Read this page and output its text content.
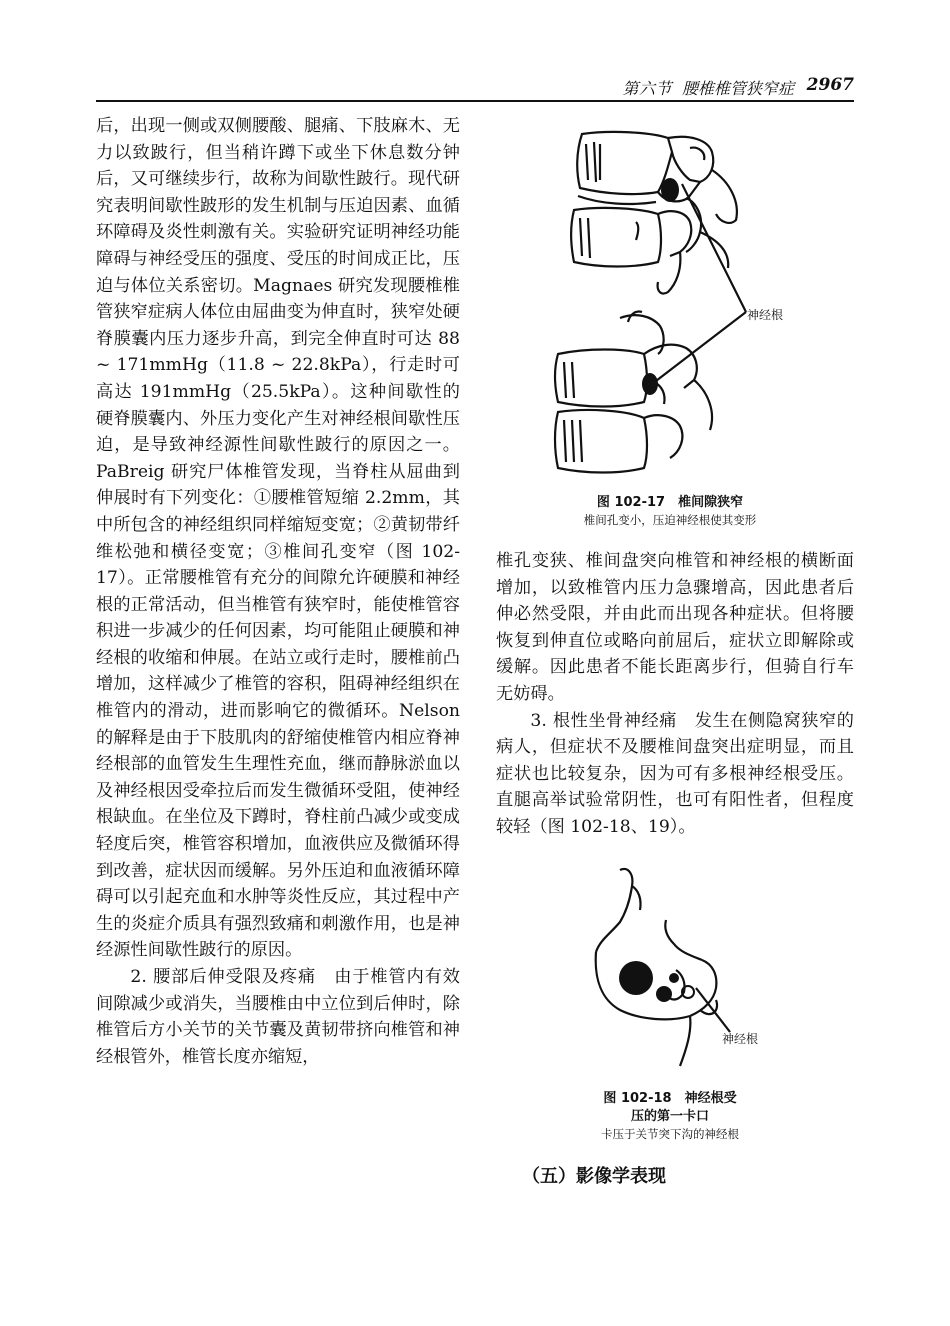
第六节 腰椎椎管狭窄症 2967

后，出现一侧或双侧腰酸、腿痛、下肢麻木、无力以致跛行，但当稍许蹲下或坐下休息数分钟后，又可继续步行，故称为间歇性跛行。现代研究表明间歇性跛形的发生机制与压迫因素、血循环障碍及炎性刺激有关。实验研究证明神经功能障碍与神经受压的强度、受压的时间成正比，压迫与体位关系密切。Magnaes 研究发现腰椎椎管狭窄症病人体位由屈曲变为伸直时，狭窄处硬脊膜囊内压力逐步升高，到完全伸直时可达 88 ~ 171mmHg（11.8 ~ 22.8kPa），行走时可高达 191mmHg（25.5kPa）。这种间歇性的硬脊膜囊内、外压力变化产生对神经根间歇性压迫，是导致神经源性间歇性跛行的原因之一。PaBreig 研究尸体椎管发现，当脊柱从屈曲到伸展时有下列变化：①腰椎管短缩 2.2mm，其中所包含的神经组织同样缩短变宽；②黄韧带纤维松弛和横径变宽；③椎间孔变窄（图 102-17）。正常腰椎管有充分的间隙允许硬膜和神经根的正常活动，但当椎管有狭窄时，能使椎管容积进一步减少的任何因素，均可能阻止硬膜和神经根的收缩和伸展。在站立或行走时，腰椎前凸增加，这样减少了椎管的容积，阻碍神经组织在椎管内的滑动，进而影响它的微循环。Nelson 的解释是由于下肢肌肉的舒缩使椎管内相应脊神经根部的血管发生生理性充血，继而静脉淤血以及神经根因受牵拉后而发生微循环受阻，使神经根缺血。在坐位及下蹲时，脊柱前凸减少或变成轻度后突，椎管容积增加，血液供应及微循环得到改善，症状因而缓解。另外压迫和血液循环障碍可以引起充血和水肿等炎性反应，其过程中产生的炎症介质具有强烈致痛和刺激作用，也是神经源性间歇性跛行的原因。

2. 腰部后伸受限及疼痛　由于椎管内有效间隙减少或消失，当腰椎由中立位到后伸时，除椎管后方小关节的关节囊及黄韧带挤向椎管和神经根管外，椎管长度亦缩短，

神经根
图 102-17　椎间隙狭窄
椎间孔变小，压迫神经根使其变形

椎孔变狭、椎间盘突向椎管和神经根的横断面增加，以致椎管内压力急骤增高，因此患者后伸必然受限，并由此而出现各种症状。但将腰恢复到伸直位或略向前屈后，症状立即解除或缓解。因此患者不能长距离步行，但骑自行车无妨碍。

3. 根性坐骨神经痛　发生在侧隐窝狭窄的病人，但症状不及腰椎间盘突出症明显，而且症状也比较复杂，因为可有多根神经根受压。直腿高举试验常阴性，也可有阳性者，但程度较轻（图 102-18、19）。

神经根
图 102-18　神经根受
压的第一卡口
卡压于关节突下沟的神经根
（五）影像学表现
